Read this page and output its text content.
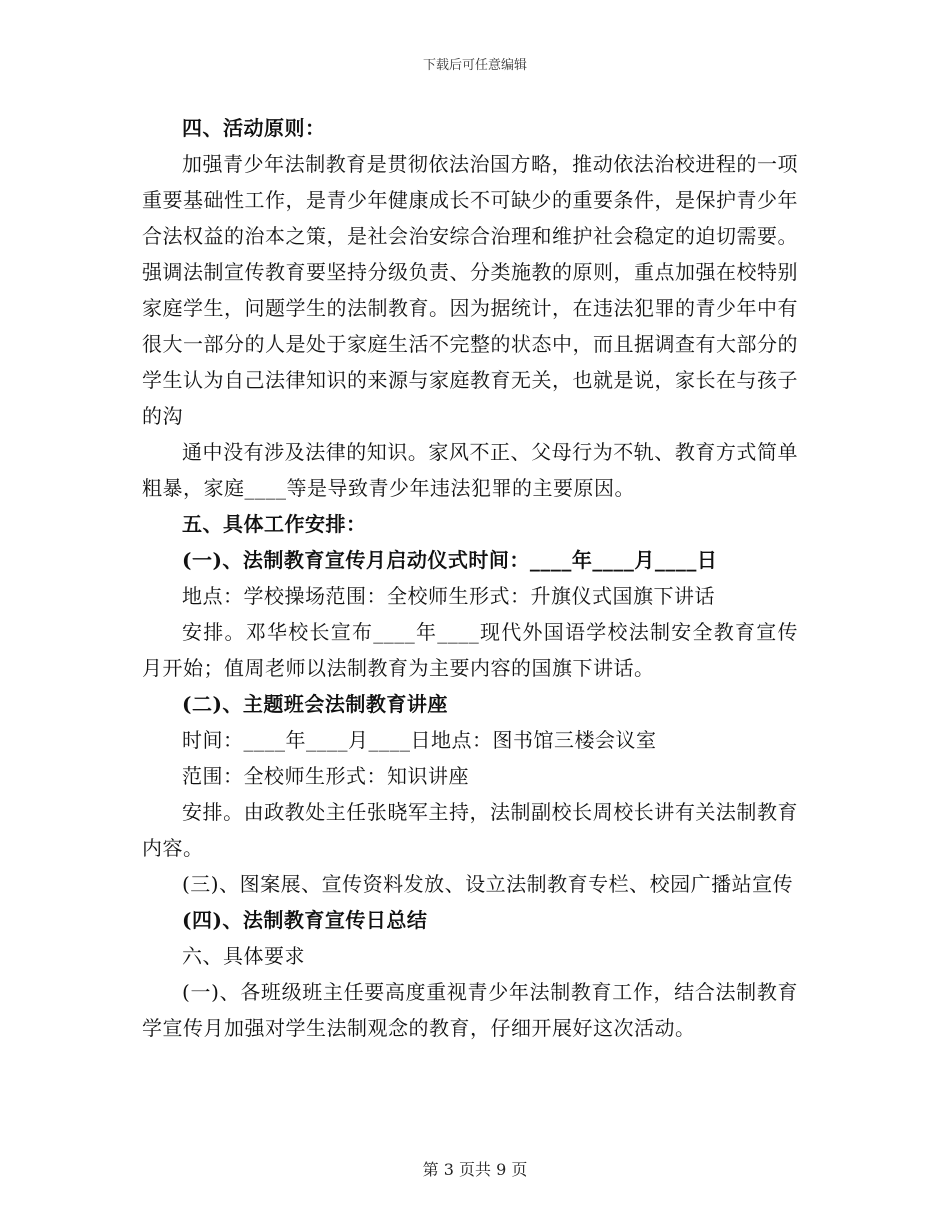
下载后可任意编辑

四、活动原则：

加强青少年法制教育是贯彻依法治国方略，推动依法治校进程的一项重要基础性工作，是青少年健康成长不可缺少的重要条件，是保护青少年合法权益的治本之策，是社会治安综合治理和维护社会稳定的迫切需要。强调法制宣传教育要坚持分级负责、分类施教的原则，重点加强在校特别家庭学生，问题学生的法制教育。因为据统计，在违法犯罪的青少年中有很大一部分的人是处于家庭生活不完整的状态中，而且据调查有大部分的学生认为自己法律知识的来源与家庭教育无关，也就是说，家长在与孩子的沟

通中没有涉及法律的知识。家风不正、父母行为不轨、教育方式简单粗暴，家庭____等是导致青少年违法犯罪的主要原因。

五、具体工作安排：

(一)、法制教育宣传月启动仪式时间：____年____月____日

地点：学校操场范围：全校师生形式：升旗仪式国旗下讲话

安排。邓华校长宣布____年____现代外国语学校法制安全教育宣传月开始；值周老师以法制教育为主要内容的国旗下讲话。

(二)、主题班会法制教育讲座

时间：____年____月____日地点：图书馆三楼会议室

范围：全校师生形式：知识讲座

安排。由政教处主任张晓军主持，法制副校长周校长讲有关法制教育内容。

(三)、图案展、宣传资料发放、设立法制教育专栏、校园广播站宣传

(四)、法制教育宣传日总结

六、具体要求

(一)、各班级班主任要高度重视青少年法制教育工作，结合法制教育学宣传月加强对学生法制观念的教育，仔细开展好这次活动。

第 3 页共 9 页
